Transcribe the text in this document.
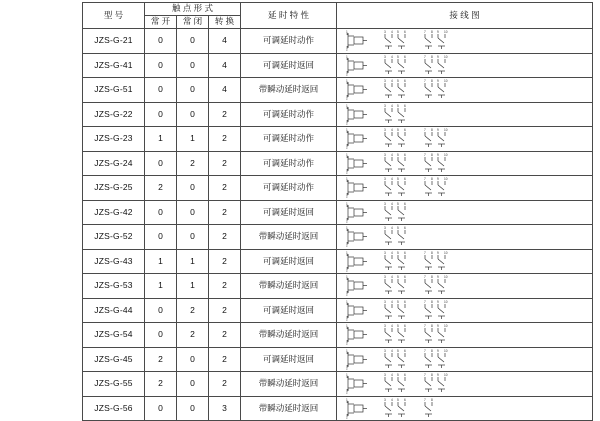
型 号	触 点 形 式			延 时 特 性	接 线 图
	常 开	常 闭	转 换		
JZS-G-21	0	0	4	可调延时动作	
1
2
3 4 5 6	7 8 9 10

JZS-G-41	0	0	4	可调延时返回	
1
2
3 4 5 6	7 8 9 10

JZS-G-51	0	0	4	带瞬动延时返回	
1
2
3 4 5 6	7 8 9 10

JZS-G-22	0	0	2	可调延时动作	
1
2
3 4 5 6

JZS-G-23	1	1	2	可调延时动作	
1
2
3 4 5 6	7 8 9 10

JZS-G-24	0	2	2	可调延时动作	
1
2
3 4 5 6	7 8 9 10

JZS-G-25	2	0	2	可调延时动作	
1
2
3 4 5 6	7 8 9 10

JZS-G-42	0	0	2	可调延时返回	
1
2
3 4 5 6

JZS-G-52	0	0	2	带瞬动延时返回	
1
2
3 4 5 6

JZS-G-43	1	1	2	可调延时返回	
1
2
3 4 5 6	7 8 9 10

JZS-G-53	1	1	2	带瞬动延时返回	
1
2
3 4 5 6	7 8 9 10

JZS-G-44	0	2	2	可调延时返回	
1
2
3 4 5 6	7 8 9 10

JZS-G-54	0	2	2	带瞬动延时返回	
1
2
3 4 5 6	7 8 9 10

JZS-G-45	2	0	2	可调延时返回	
1
2
3 4 5 6	7 8 9 10

JZS-G-55	2	0	2	带瞬动延时返回	
1
2
3 4 5 6	7 8 9 10

JZS-G-56	0	0	3	带瞬动延时返回	
1
2
3 4 5 6	7 8
